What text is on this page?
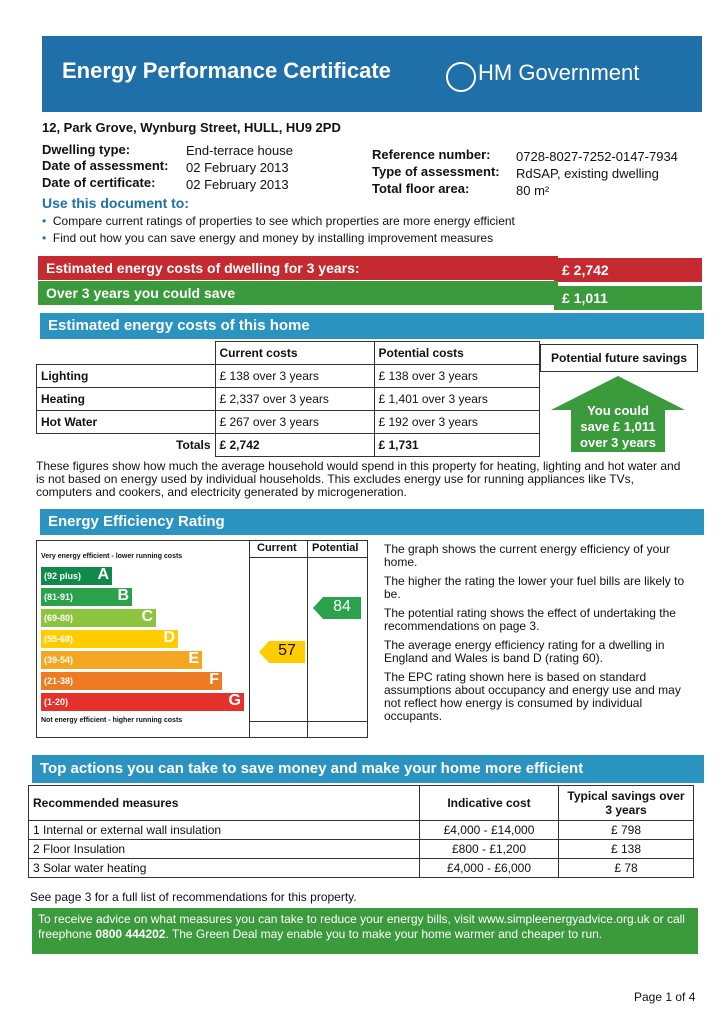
Energy Performance Certificate	HM Government
12, Park Grove, Wynburg Street, HULL, HU9 2PD
Dwelling type:	End-terrace house
Date of assessment: 02 February 2013
Date of certificate: 02 February 2013
Reference number: 0728-8027-7252-0147-7934
Type of assessment: RdSAP, existing dwelling
Total floor area:	80 m²
Use this document to:
• Compare current ratings of properties to see which properties are more energy efficient
• Find out how you can save energy and money by installing improvement measures
Estimated energy costs of dwelling for 3 years:	£ 2,742
Over 3 years you could save	£ 1,011
Estimated energy costs of this home
	Current costs	Potential costs
Lighting	£ 138 over 3 years	£ 138 over 3 years
Heating	£ 2,337 over 3 years	£ 1,401 over 3 years
Hot Water	£ 267 over 3 years	£ 192 over 3 years
Totals	£ 2,742	£ 1,731
Potential future savings
You could
save £ 1,011
over 3 years
These figures show how much the average household would spend in this property for heating, lighting and hot water and is not based on energy used by individual households. This excludes energy use for running appliances like TVs, computers and cookers, and electricity generated by microgeneration.
Energy Efficiency Rating
Current Potential
Very energy efficient - lower running costs
(92 plus) A
(81-91)	B
(69-80)	C
(55-68)	D
(39-54)	E
(21-38)	F
(1-20)	G
Not energy efficient - higher running costs
57
84

The graph shows the current energy efficiency of your home.

The higher the rating the lower your fuel bills are likely to be.

The potential rating shows the effect of undertaking the recommendations on page 3.

The average energy efficiency rating for a dwelling in England and Wales is band D (rating 60).

The EPC rating shown here is based on standard assumptions about occupancy and energy use and may not reflect how energy is consumed by individual occupants.

Top actions you can take to save money and make your home more efficient
Recommended measures	Indicative cost	Typical savings over 3 years
1 Internal or external wall insulation	£4,000 - £14,000	£ 798
2 Floor Insulation	£800 - £1,200	£ 138
3 Solar water heating	£4,000 - £6,000	£ 78
See page 3 for a full list of recommendations for this property.
To receive advice on what measures you can take to reduce your energy bills, visit www.simpleenergyadvice.org.uk or call freephone 0800 444202. The Green Deal may enable you to make your home warmer and cheaper to run.
Page 1 of 4
